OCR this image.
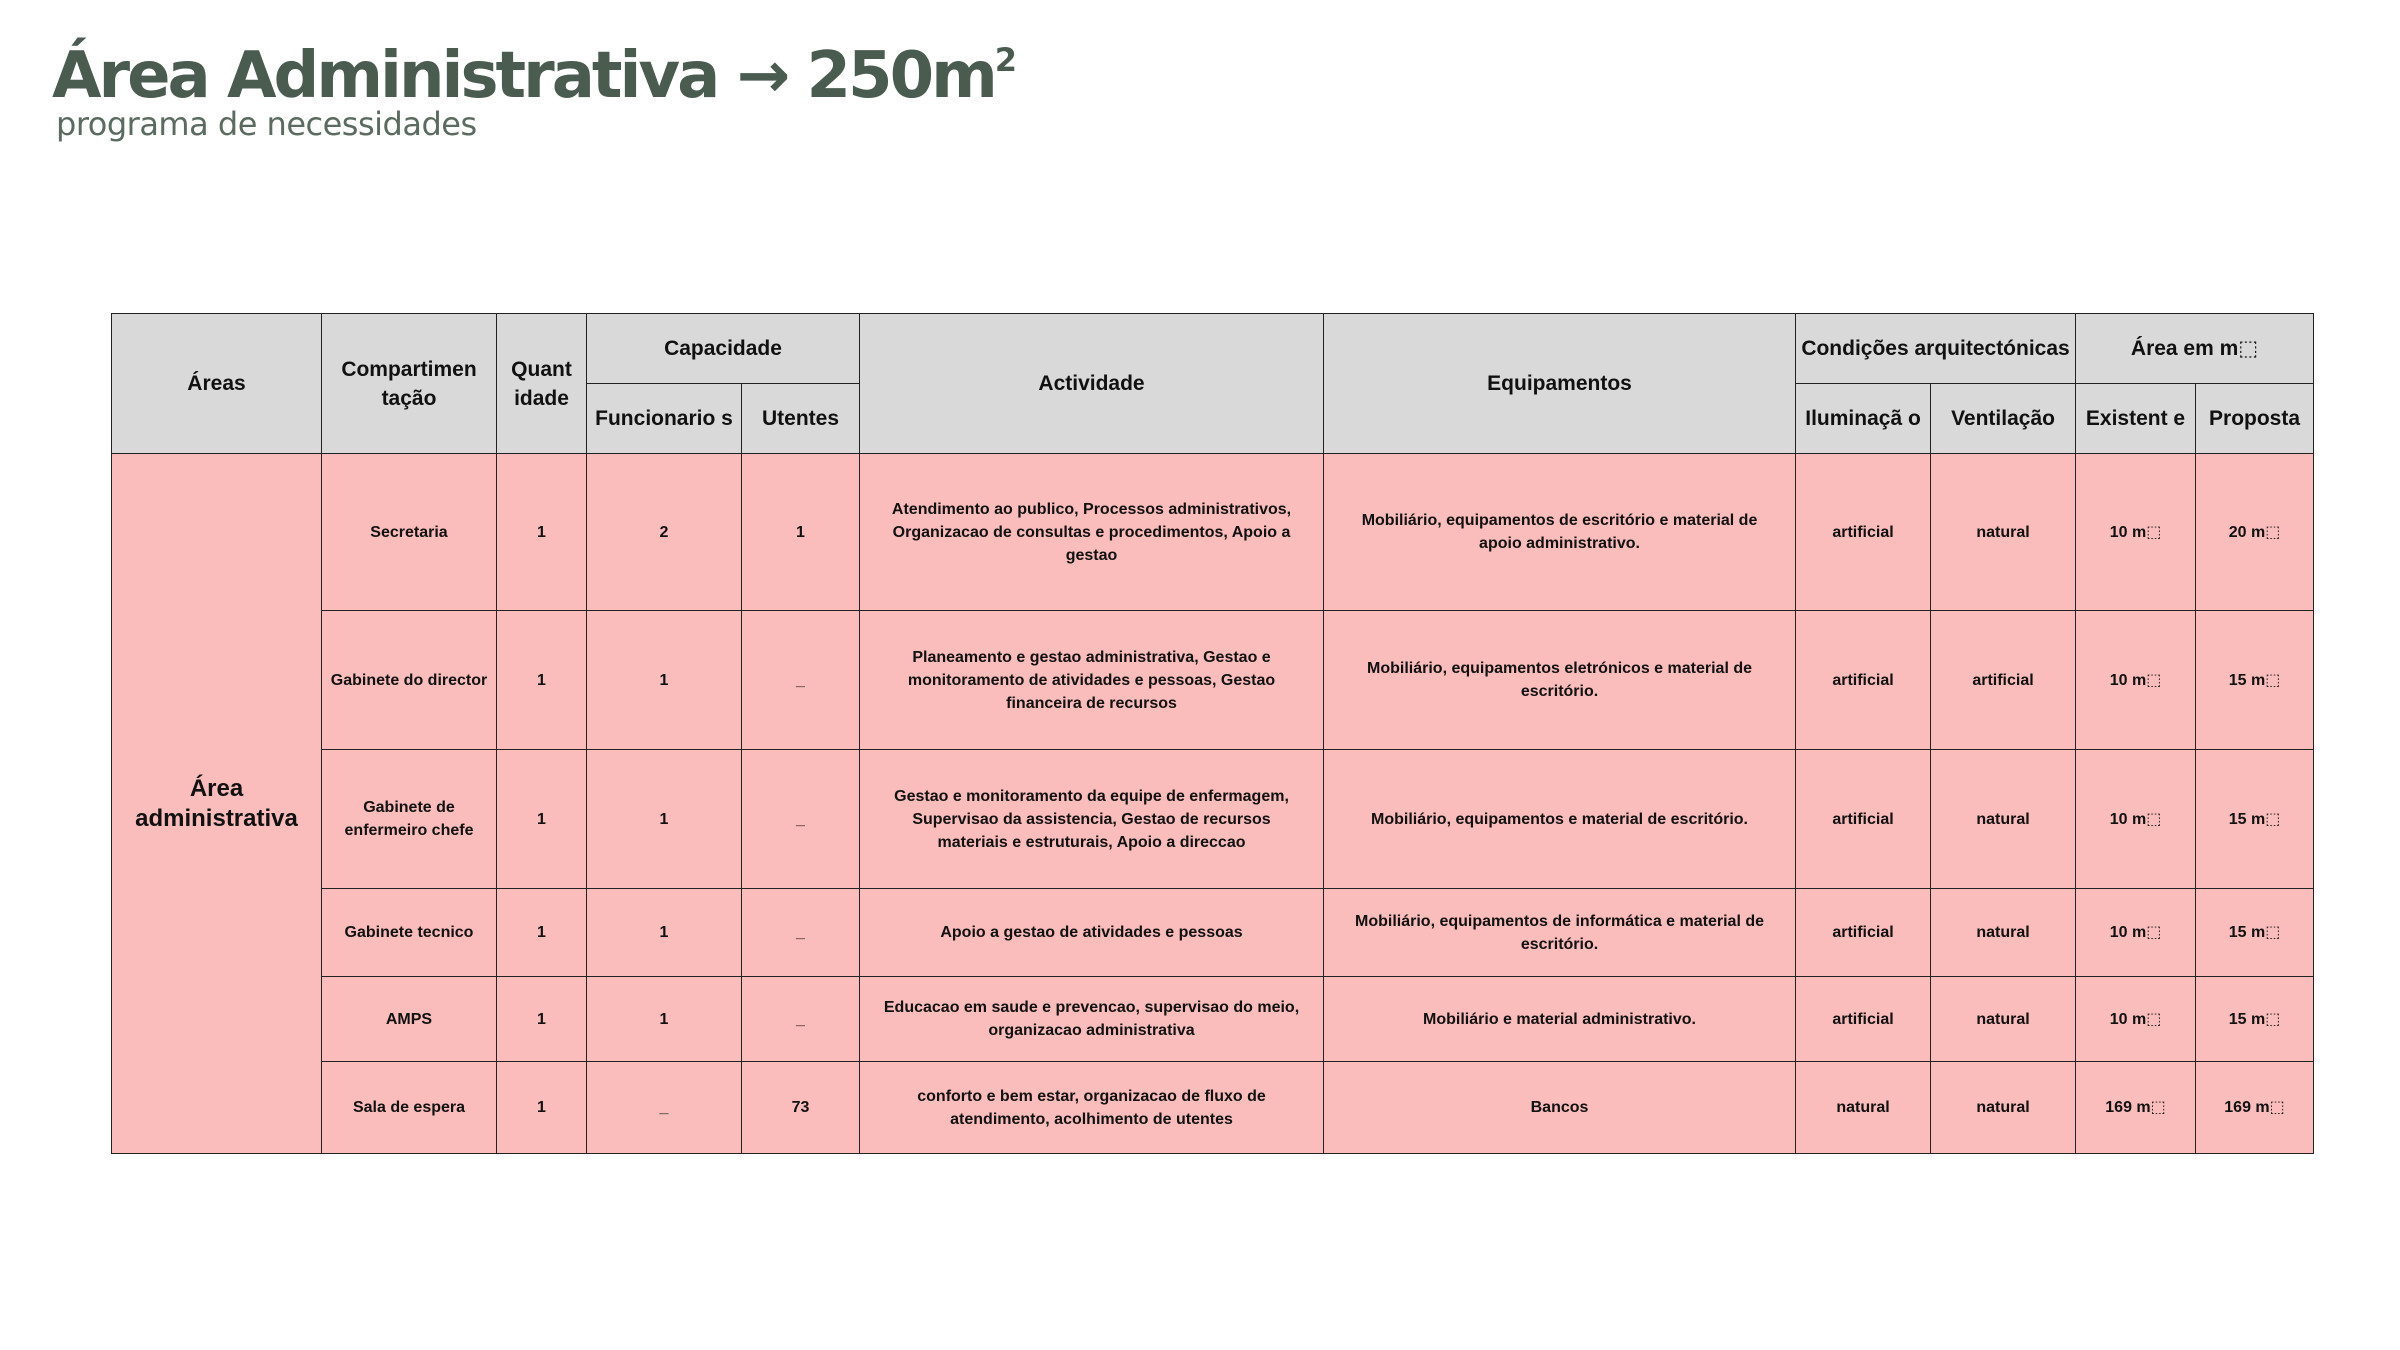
Área Administrativa → $250m^2$
programa de necessidades
Áreas	Compartimen tação	Quant idade	Capacidade		Actividade	Equipamentos	Condições arquitectónicas		Área em m⬚	
			Funcionario s	Utentes			Iluminaçã o	Ventilação	Existent e	Proposta
Área administrativa	Secretaria	1	2	1	Atendimento ao publico, Processos administrativos, Organizacao de consultas e procedimentos, Apoio a gestao	Mobiliário, equipamentos de escritório e material de apoio administrativo.	artificial	natural	10 m⬚	20 m⬚
	Gabinete do director	1	1	_	Planeamento e gestao administrativa, Gestao e monitoramento de atividades e pessoas, Gestao financeira de recursos	Mobiliário, equipamentos eletrónicos e material de escritório.	artificial	artificial	10 m⬚	15 m⬚
	Gabinete de enfermeiro chefe	1	1	_	Gestao e monitoramento da equipe de enfermagem, Supervisao da assistencia, Gestao de recursos materiais e estruturais, Apoio a direccao	Mobiliário, equipamentos e material de escritório.	artificial	natural	10 m⬚	15 m⬚
	Gabinete tecnico	1	1	_	Apoio a gestao de atividades e pessoas	Mobiliário, equipamentos de informática e material de escritório.	artificial	natural	10 m⬚	15 m⬚
	AMPS	1	1	_	Educacao em saude e prevencao, supervisao do meio, organizacao administrativa	Mobiliário e material administrativo.	artificial	natural	10 m⬚	15 m⬚
	Sala de espera	1	_	73	conforto e bem estar, organizacao de fluxo de atendimento, acolhimento de utentes	Bancos	natural	natural	169 m⬚	169 m⬚
